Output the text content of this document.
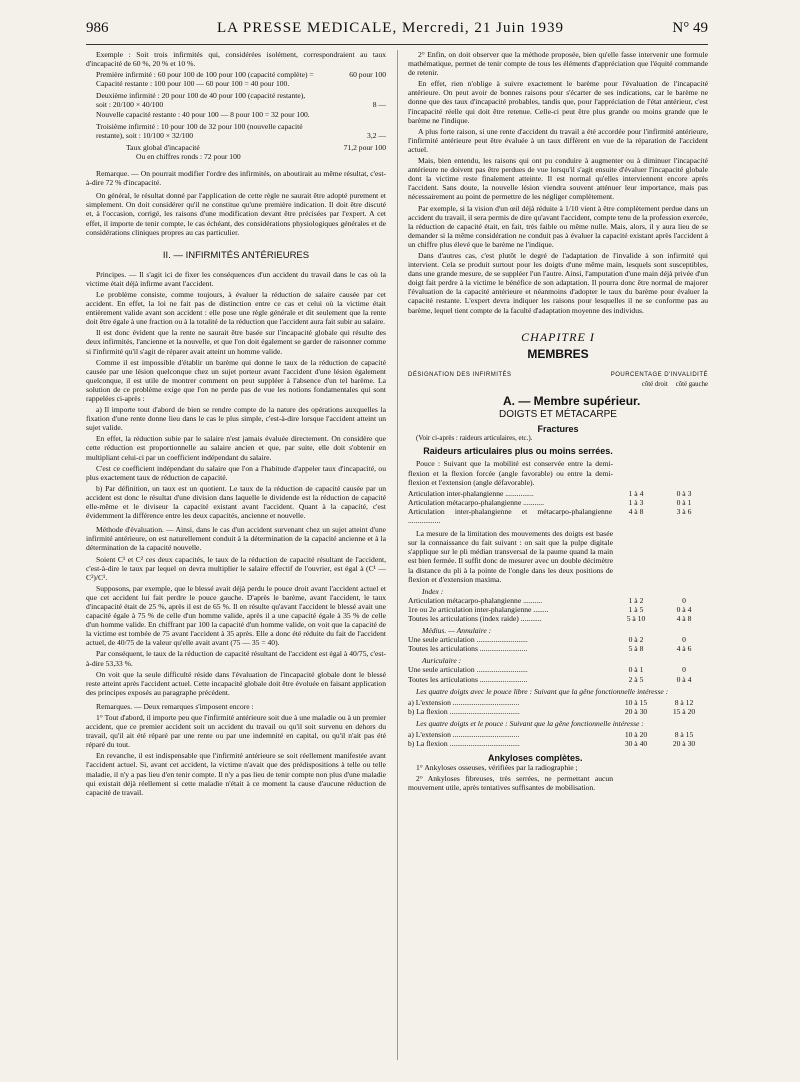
986	LA PRESSE MEDICALE, Mercredi, 21 Juin 1939	N° 49

Exemple : Soit trois infirmités qui, considérées isolément, correspondraient au taux d'incapacité de 60 %, 20 % et 10 %.

Première infirmité : 60 pour 100 de 100 pour 100 (capacité complète) =	60 pour 100
Capacité restante : 100 pour 100 — 60 pour 100 = 40 pour 100.
Deuxième infirmité : 20 pour 100 de 40 pour 100 (capacité restante),
soit : 20/100 × 40/100	8 —
Nouvelle capacité restante : 40 pour 100 — 8 pour 100 = 32 pour 100.
Troisième infirmité : 10 pour 100 de 32 pour 100 (nouvelle capacité
restante), soit : 10/100 × 32/100	3,2 —
Taux global d'incapacité	71,2 pour 100
Ou en chiffres ronds : 72 pour 100

Remarque. — On pourrait modifier l'ordre des infirmités, on aboutirait au même résultat, c'est-à-dire 72 % d'incapacité.

On général, le résultat donné par l'application de cette règle ne saurait être adopté purement et simplement. On doit considérer qu'il ne constitue qu'une première indication. Il doit être discuté et, à l'occasion, corrigé, les raisons d'une modification devant être précisées par l'expert. A cet effet, il importe de tenir compte, le cas échéant, des considérations physiologiques générales et de considérations cliniques propres au cas particulier.

II. — INFIRMITÉS ANTÉRIEURES

Principes. — Il s'agit ici de fixer les conséquences d'un accident du travail dans le cas où la victime était déjà infirme avant l'accident.

Le problème consiste, comme toujours, à évaluer la réduction de salaire causée par cet accident. En effet, la loi ne fait pas de distinction entre ce cas et celui où la victime était entièrement valide avant son accident : elle pose une règle générale et dit seulement que la rente doit être égale à une fraction ou à la totalité de la réduction que l'accident aura fait subir au salaire.

Il est donc évident que la rente ne saurait être basée sur l'incapacité globale qui résulte des deux infirmités, l'ancienne et la nouvelle, et que l'on doit également se garder de raisonner comme si l'infirmité qu'il s'agit de réparer avait atteint un homme valide.

Comme il est impossible d'établir un barème qui donne le taux de la réduction de capacité causée par une lésion quelconque chez un sujet porteur avant l'accident d'une lésion également quelconque, il est utile de montrer comment on peut suppléer à l'absence d'un tel barème. La solution de ce problème exige que l'on ne perde pas de vue les notions fondamentales qui sont rappelées ci-après :

a) Il importe tout d'abord de bien se rendre compte de la nature des opérations auxquelles la fixation d'une rente donne lieu dans le cas le plus simple, c'est-à-dire lorsque l'accident atteint un sujet valide.

En effet, la réduction subie par le salaire n'est jamais évaluée directement. On considère que cette réduction est proportionnelle au salaire ancien et que, par suite, elle doit s'obtenir en multipliant celui-ci par un coefficient indépendant du salaire.

C'est ce coefficient indépendant du salaire que l'on a l'habitude d'appeler taux d'incapacité, ou plus exactement taux de réduction de capacité.

b) Par définition, un taux est un quotient. Le taux de la réduction de capacité causée par un accident est donc le résultat d'une division dans laquelle le dividende est la réduction de capacité elle-même et le diviseur la capacité existant avant l'accident. Quant à la capacité, c'est évidemment la différence entre les deux capacités, ancienne et nouvelle.

Méthode d'évaluation. — Ainsi, dans le cas d'un accident survenant chez un sujet atteint d'une infirmité antérieure, on est naturellement conduit à la détermination de la capacité ancienne et à la détermination de la capacité nouvelle.

Soient C¹ et C² ces deux capacités, le taux de la réduction de capacité résultant de l'accident, c'est-à-dire le taux par lequel on devra multiplier le salaire effectif de l'ouvrier, est égal à (C¹ — C²)/C¹.

Supposons, par exemple, que le blessé avait déjà perdu le pouce droit avant l'accident actuel et que cet accident lui fait perdre le pouce gauche. D'après le barème, avant l'accident, le taux d'incapacité était de 25 %, après il est de 65 %. Il en résulte qu'avant l'accident le blessé avait une capacité égale à 75 % de celle d'un homme valide, après il a une capacité égale à 35 % de celle d'un homme valide. En chiffrant par 100 la capacité d'un homme valide, on voit que la capacité de la victime est tombée de 75 avant l'accident à 35 après. Elle a donc été réduite du fait de l'accident actuel, de 40/75 de la valeur qu'elle avait avant (75 — 35 = 40).

Par conséquent, le taux de la réduction de capacité résultant de l'accident est égal à 40/75, c'est-à-dire 53,33 %.

On voit que la seule difficulté réside dans l'évaluation de l'incapacité globale dont le blessé reste atteint après l'accident actuel. Cette incapacité globale doit être évoluée en faisant application des principes exposés au paragraphe précédent.

Remarques. — Deux remarques s'imposent encore :

1° Tout d'abord, il importe peu que l'infirmité antérieure soit due à une maladie ou à un premier accident, que ce premier accident soit un accident du travail ou qu'il soit survenu en dehors du travail, qu'il ait été réparé par une rente ou par une indemnité en capital, ou qu'il n'ait pas été réparé du tout.

En revanche, il est indispensable que l'infirmité antérieure se soit réellement manifestée avant l'accident actuel. Si, avant cet accident, la victime n'avait que des prédispositions à telle ou telle maladie, il n'y a pas lieu d'en tenir compte. Il n'y a pas lieu de tenir compte non plus d'une maladie qui existait déjà réellement si cette maladie n'était à ce moment la cause d'aucune réduction de capacité de travail.

2° Enfin, on doit observer que la méthode proposée, bien qu'elle fasse intervenir une formule mathématique, permet de tenir compte de tous les éléments d'appréciation que l'équité commande de retenir.

En effet, rien n'oblige à suivre exactement le barème pour l'évaluation de l'incapacité antérieure. On peut avoir de bonnes raisons pour s'écarter de ses indications, car le barème ne donne que des taux d'incapacité probables, tandis que, pour l'appréciation de l'état antérieur, c'est l'incapacité réelle qui doit être retenue. Celle-ci peut être plus grande ou moins grande que le barème ne l'indique.

A plus forte raison, si une rente d'accident du travail a été accordée pour l'infirmité antérieure, l'infirmité antérieure peut être évaluée à un taux différent en vue de la réparation de l'accident actuel.

Mais, bien entendu, les raisons qui ont pu conduire à augmenter ou à diminuer l'incapacité antérieure ne doivent pas être perdues de vue lorsqu'il s'agit ensuite d'évaluer l'incapacité globale dont la victime reste finalement atteinte. Il est normal qu'elles interviennent encore après l'accident. Sans doute, la nouvelle lésion viendra souvent atténuer leur importance, mais pas nécessairement au point de permettre de les négliger complètement.

Par exemple, si la vision d'un œil déjà réduite à 1/10 vient à être complètement perdue dans un accident du travail, il sera permis de dire qu'avant l'accident, compte tenu de la profession exercée, la réduction de capacité était, en fait, très faible ou même nulle. Mais, alors, il y aura lieu de se demander si la même considération ne conduit pas à évaluer la capacité existant après l'accident à un chiffre plus élevé que le barème ne l'indique.

Dans d'autres cas, c'est plutôt le degré de l'adaptation de l'invalide à son infirmité qui intervient. Cela se produit surtout pour les doigts d'une même main, lesquels sont susceptibles, dans une grande mesure, de se suppléer l'un l'autre. Ainsi, l'amputation d'une main déjà privée d'un doigt fait perdre à la victime le bénéfice de son adaptation. Il pourra donc être normal de majorer l'évaluation de la capacité antérieure et néanmoins d'adopter le taux du barème pour évaluer la capacité restante. L'expert devra indiquer les raisons pour lesquelles il ne se conforme pas au barème, lequel tient compte de la faculté d'adaptation moyenne des individus.

CHAPITRE I
MEMBRES
DÉSIGNATION DES INFIRMITÉS	POURCENTAGE D'INVALIDITÉ
côté droit côté gauche
A. — Membre supérieur.
DOIGTS ET MÉTACARPE
Fractures
(Voir ci-après : raideurs articulaires, etc.).
Raideurs articulaires plus ou moins serrées.

Pouce : Suivant que la mobilité est conservée entre la demi-flexion et la flexion forcée (angle favorable) ou entre la demi-flexion et l'extension (angle défavorable).

Articulation inter-phalangienne ...............	1 à 4	0 à 3
Articulation métacarpo-phalangienne ...........	1 à 3	0 à 1
Articulation inter-phalangienne et métacarpo-phalangienne .................
4 à 8	3 à 6

La mesure de la limitation des mouvements des doigts est basée sur la connaissance du fait suivant : on sait que la pulpe digitale s'applique sur le pli médian transversal de la paume quand la main est bien fermée. Il suffit donc de mesurer avec un double décimètre la distance du pli à la pointe de l'ongle dans les deux positions de flexion et d'extension maxima.

Index :
Articulation métacarpo-phalangienne ..........	1 à 2	0
1re ou 2e articulation inter-phalangienne ........	1 à 5	0 à 4
Toutes les articulations (index raide) ...........	5 à 10	4 à 8
Médius. — Annulaire :
Une seule articulation ...........................	0 à 2	0
Toutes les articulations .........................	5 à 8	4 à 6
Auriculaire :
Une seule articulation ...........................	0 à 1	0
Toutes les articulations .........................	2 à 5	0 à 4

Les quatre doigts avec le pouce libre : Suivant que la gêne fonctionnelle intéresse :

a) L'extension ...................................	10 à 15	8 à 12
b) La flexion .....................................	20 à 30	15 à 20

Les quatre doigts et le pouce : Suivant que la gêne fonctionnelle intéresse :

a) L'extension ...................................	10 à 20	8 à 15
b) La flexion .....................................	30 à 40	20 à 30
Ankyloses complètes.

1° Ankyloses osseuses, vérifiées par la radiographie ;

2° Ankyloses fibreuses, très serrées, ne permettant aucun mouvement utile, après tentatives suffisantes de mobilisation.
